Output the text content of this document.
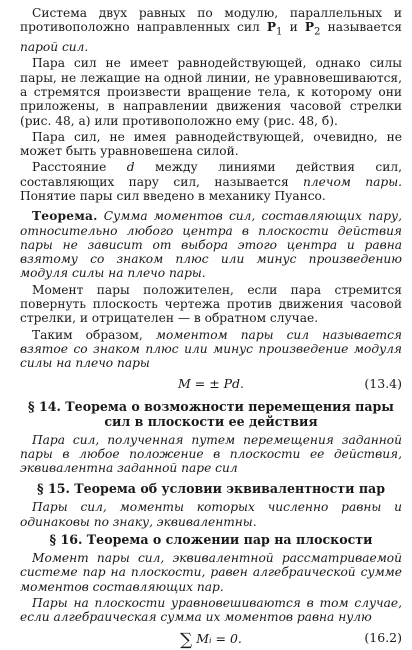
Система двух равных по модулю, параллельных и противоположно направленных сил $P_1$ и $P_2$ называется парой сил.

Пара сил не имеет равнодействующей, однако силы пары, не лежащие на одной линии, не уравновешиваются, а стремятся произвести вращение тела, к которому они приложены, в направлении движения часовой стрелки (рис. 48, а) или противоположно ему (рис. 48, б).

Пара сил, не имея равнодействующей, очевидно, не может быть уравновешена силой.

Расстояние d между линиями действия сил, составляющих пару сил, называется плечом пары. Понятие пары сил введено в механику Пуансо.

Теорема. Сумма моментов сил, составляющих пару, относительно любого центра в плоскости действия пары не зависит от выбора этого центра и равна взятому со знаком плюс или минус произведению модуля силы на плечо пары.

Момент пары положителен, если пара стремится повернуть плоскость чертежа против движения часовой стрелки, и отрицателен — в обратном случае.

Таким образом, моментом пары сил называется взятое со знаком плюс или минус произведение модуля силы на плечо пары

M = ± Pd.	(13.4)
§ 14. Теорема о возможности перемещения пары сил в плоскости ее действия

Пара сил, полученная путем перемещения заданной пары в любое положение в плоскости ее действия, эквивалентна заданной паре сил

§ 15. Теорема об условии эквивалентности пар

Пары сил, моменты которых численно равны и одинаковы по знаку, эквивалентны.

§ 16. Теорема о сложении пар на плоскости

Момент пары сил, эквивалентной рассматриваемой системе пар на плоскости, равен алгебраической сумме моментов составляющих пар.

Пары на плоскости уравновешиваются в том случае, если алгебраическая сумма их моментов равна нулю

∑ Mᵢ = 0.	(16.2)
